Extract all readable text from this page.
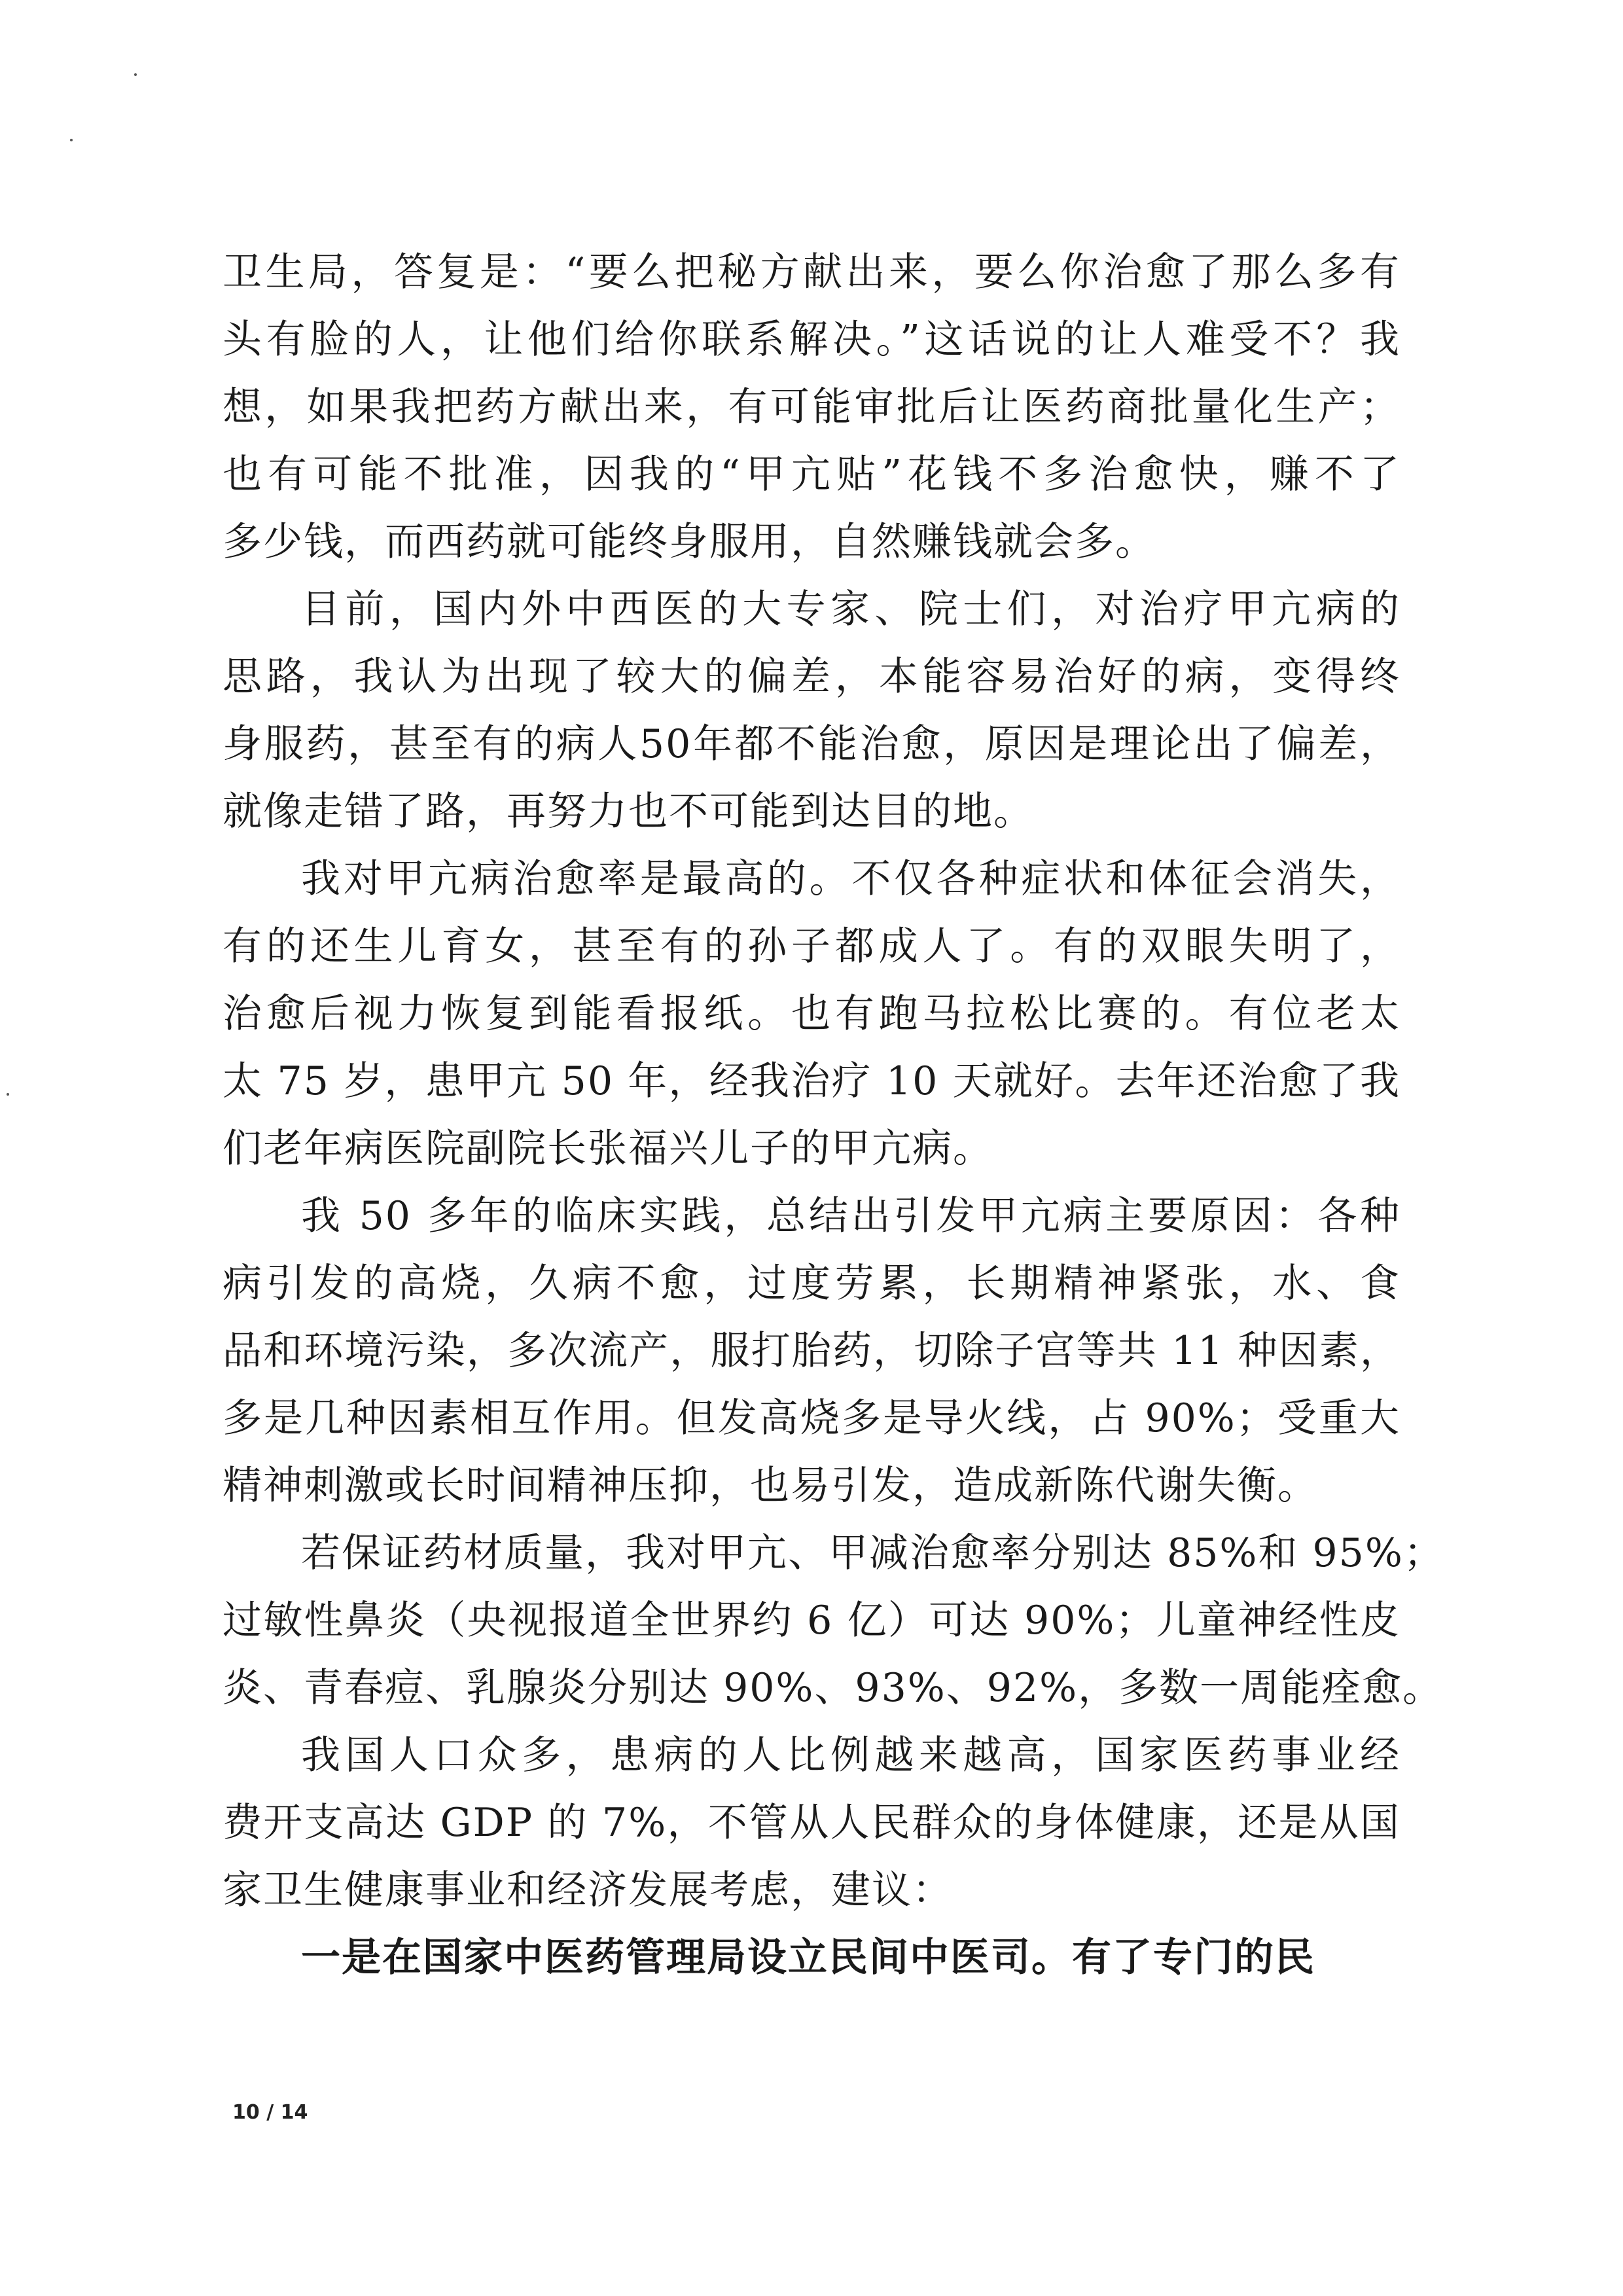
卫生局，答复是：“要么把秘方献出来，要么你治愈了那么多有
头有脸的人，让他们给你联系解决。”这话说的让人难受不？我
想，如果我把药方献出来，有可能审批后让医药商批量化生产；
也有可能不批准，因我的“甲亢贴”花钱不多治愈快，赚不了
多少钱，而西药就可能终身服用，自然赚钱就会多。
目前，国内外中西医的大专家、院士们，对治疗甲亢病的
思路，我认为出现了较大的偏差，本能容易治好的病，变得终
身服药，甚至有的病人50年都不能治愈，原因是理论出了偏差，
就像走错了路，再努力也不可能到达目的地。
我对甲亢病治愈率是最高的。不仅各种症状和体征会消失，
有的还生儿育女，甚至有的孙子都成人了。有的双眼失明了，
治愈后视力恢复到能看报纸。也有跑马拉松比赛的。有位老太
太 75 岁，患甲亢 50 年，经我治疗 10 天就好。去年还治愈了我
们老年病医院副院长张福兴儿子的甲亢病。
我 50 多年的临床实践，总结出引发甲亢病主要原因：各种
病引发的高烧，久病不愈，过度劳累，长期精神紧张，水、食
品和环境污染，多次流产，服打胎药，切除子宫等共 11 种因素，
多是几种因素相互作用。但发高烧多是导火线，占 90%；受重大
精神刺激或长时间精神压抑，也易引发，造成新陈代谢失衡。
若保证药材质量，我对甲亢、甲减治愈率分别达 85%和 95%；
过敏性鼻炎（央视报道全世界约 6 亿）可达 90%；儿童神经性皮
炎、青春痘、乳腺炎分别达 90%、93%、92%，多数一周能痊愈。
我国人口众多，患病的人比例越来越高，国家医药事业经
费开支高达 GDP 的 7%，不管从人民群众的身体健康，还是从国
家卫生健康事业和经济发展考虑，建议：
一是在国家中医药管理局设立民间中医司。有了专门的民
10 / 14
